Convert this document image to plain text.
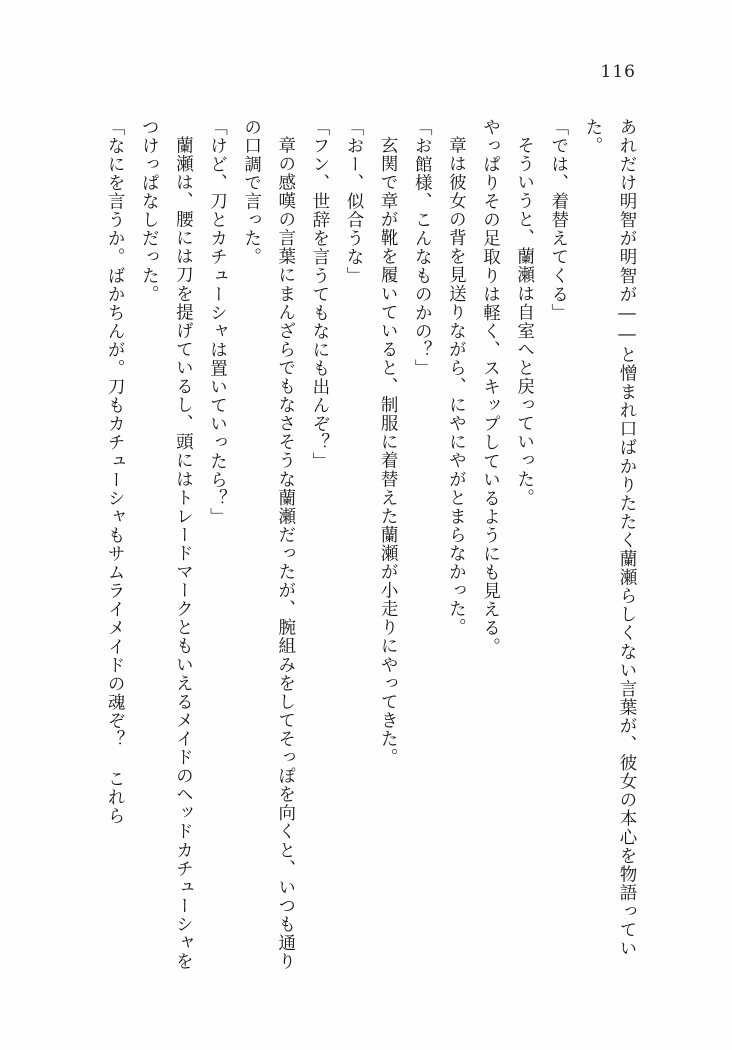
116

あれだけ明智が明智が――と憎まれ口ばかりたたく蘭瀬らしくない言葉が、彼女の本心を物語っていた。

「では、着替えてくる」

そういうと、蘭瀬は自室へと戻っていった。

やっぱりその足取りは軽く、スキップしているようにも見える。

章は彼女の背を見送りながら、にやにやがとまらなかった。

「お館様、こんなものかの？」

玄関で章が靴を履いていると、制服に着替えた蘭瀬が小走りにやってきた。

「おー、似合うな」

「フン、世辞を言うてもなにも出んぞ？」

章の感嘆の言葉にまんざらでもなさそうな蘭瀬だったが、腕組みをしてそっぽを向くと、いつも通りの口調で言った。

「けど、刀とカチューシャは置いていったら？」

蘭瀬は、腰には刀を提げているし、頭にはトレードマークともいえるメイドのヘッドカチューシャをつけっぱなしだった。

「なにを言うか。ばかちんが。刀もカチューシャもサムライメイドの魂ぞ？ これら
